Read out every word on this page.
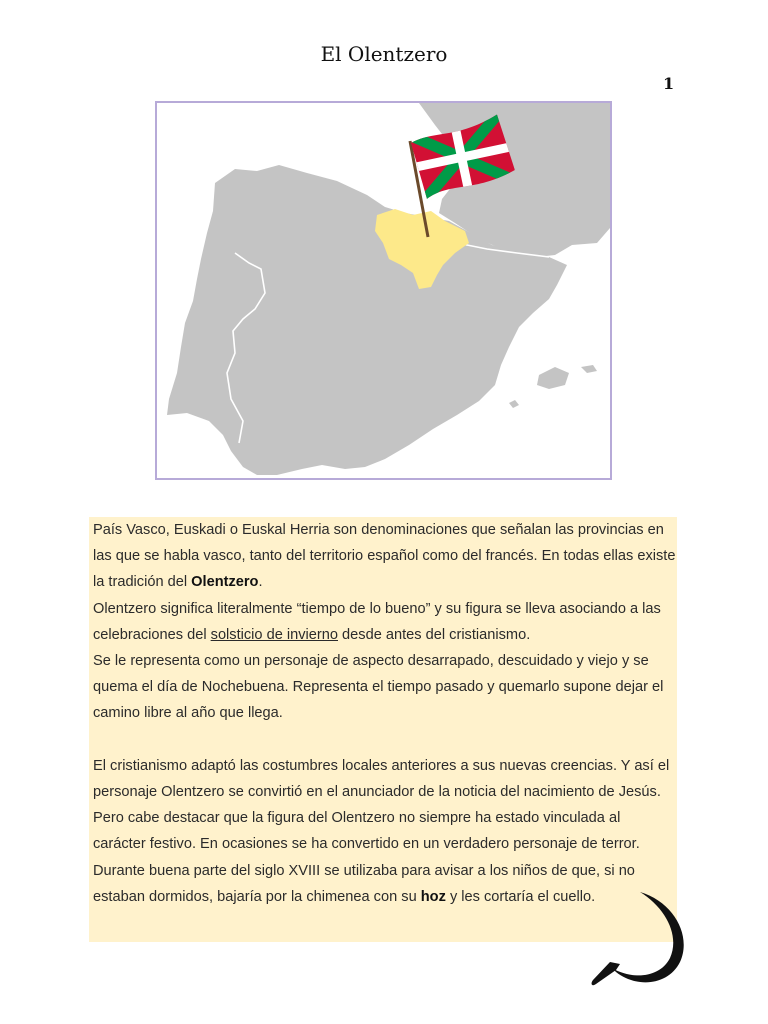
El Olentzero
1

País Vasco, Euskadi o Euskal Herria son denominaciones que señalan las provincias en las que se habla vasco, tanto del territorio español como del francés. En todas ellas existe la tradición del Olentzero.

Olentzero significa literalmente “tiempo de lo bueno” y su figura se lleva asociando a las celebraciones del solsticio de invierno desde antes del cristianismo.

Se le representa como un personaje de aspecto desarrapado, descuidado y viejo y se quema el día de Nochebuena. Representa el tiempo pasado y quemarlo supone dejar el camino libre al año que llega.

El cristianismo adaptó las costumbres locales anteriores a sus nuevas creencias. Y así el personaje Olentzero se convirtió en el anunciador de la noticia del nacimiento de Jesús. Pero cabe destacar que la figura del Olentzero no siempre ha estado vinculada al carácter festivo. En ocasiones se ha convertido en un verdadero personaje de terror. Durante buena parte del siglo XVIII se utilizaba para avisar a los niños de que, si no estaban dormidos, bajaría por la chimenea con su hoz y les cortaría el cuello.
